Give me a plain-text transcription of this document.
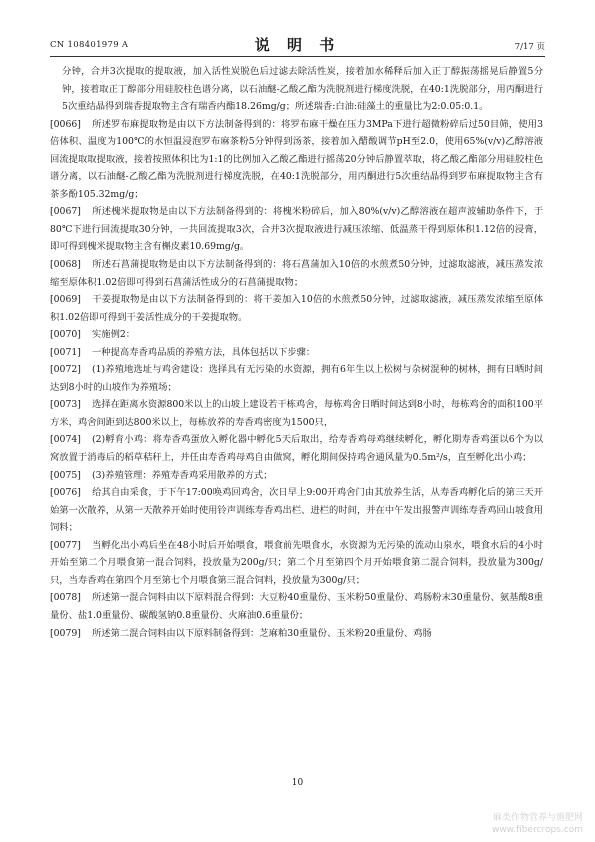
CN 108401979 A	说 明 书	7/17 页

分钟，合并3次提取的提取液，加入活性炭脱色后过滤去除活性炭，接着加水稀释后加入正丁醇振荡摇晃后静置5分钟，接着取正丁醇部分用硅胶柱色谱分离，以石油醚-乙酸乙酯为洗脱剂进行梯度洗脱，在40:1洗脱部分，用丙酮进行5次重结晶得到瑞香提取物主含有瑞香内酯18.26mg/g；所述瑞香:白油:硅藻土的重量比为2:0.05:0.1。

[0066] 所述罗布麻提取物是由以下方法制备得到的：将罗布麻干燥在压力3MPa下进行超微粉碎后过50目筛，使用3倍体积、温度为100℃的水恒温浸泡罗布麻茶粉5分钟得到汤茶，接着加入醋酸调节pH至2.0，使用65%(v/v)乙醇溶液回流提取取提取液，接着按照体积比为1:1的比例加入乙酸乙酯进行摇荡20分钟后静置萃取，将乙酸乙酯部分用硅胶柱色谱分离，以石油醚-乙酸乙酯为洗脱剂进行梯度洗脱，在40:1洗脱部分，用丙酮进行5次重结晶得到罗布麻提取物主含有茶多酚105.32mg/g；

[0067] 所述槐米提取物是由以下方法制备得到的：将槐米粉碎后，加入80%(v/v)乙醇溶液在超声波辅助条件下，于80℃下进行回流提取30分钟，一共回流提取3次，合并3次提取液进行减压浓缩、低温蒸干得到原体积1.12倍的浸膏，即可得到槐米提取物主含有槲皮素10.69mg/g。

[0068] 所述石菖蒲提取物是由以下方法制备得到的：将石菖蒲加入10倍的水煎煮50分钟，过滤取滤液，减压蒸发浓缩至原体积1.02倍即可得到石菖蒲活性成分的石菖蒲提取物；

[0069] 干姜提取物是由以下方法制备得到的：将干姜加入10倍的水煎煮50分钟，过滤取滤液，减压蒸发浓缩至原体积1.02倍即可得到干姜活性成分的干姜提取物。

[0070] 实施例2：

[0071] 一种提高寿香鸡品质的养殖方法，具体包括以下步骤：

[0072] (1)养殖地选址与鸡舍建设：选择具有无污染的水资源，拥有6年生以上松树与杂树混种的树林，拥有日晒时间达到8小时的山坡作为养殖场；

[0073] 选择在距离水资源800米以上的山坡上建设若干栋鸡舍，每栋鸡舍日晒时间达到8小时，每栋鸡舍的面积100平方米，鸡舍间距到达800米以上，每栋放养的寿香鸡密度为1500只，

[0074] (2)孵育小鸡：将寿香鸡蛋放入孵化器中孵化5天后取出，给寿香鸡母鸡继续孵化，孵化期寿香鸡蛋以6个为以窝放置于消毒后的稻草秸秆上，并任由寿香鸡母鸡自由做窝，孵化期间保持鸡舍通风量为0.5m²/s，直至孵化出小鸡；

[0075] (3)养殖管理：养殖寿香鸡采用散养的方式；

[0076] 给其自由采食，于下午17:00唤鸡回鸡舍，次日早上9:00开鸡舍门由其放养生活，从寿香鸡孵化后的第三天开始第一次散养，从第一天散养开始时使用铃声训练寿香鸡出栏、进栏的时间，并在中午发出报警声训练寿香鸡回山坡食用饲料；

[0077] 当孵化出小鸡后坐在48小时后开始喂食，喂食前先喂食水，水资源为无污染的流动山泉水，喂食水后的4小时开始至第二个月喂食第一混合饲料，投放量为200g/只；第二个月至第四个月开始喂食第二混合饲料，投放量为300g/只，当寿香鸡在第四个月至第七个月喂食第三混合饲料，投放量为300g/只；

[0078] 所述第一混合饲料由以下原料混合得到：大豆粉40重量份、玉米粉50重量份、鸡肠粉末30重量份、氨基酸8重量份、盐1.0重量份、碳酸氢钠0.8重量份、火麻油0.6重量份；

[0079] 所述第二混合饲料由以下原料制备得到：芝麻粕30重量份、玉米粉20重量份、鸡肠

10
麻类作物营养与施肥网
www.fibercrops.com
